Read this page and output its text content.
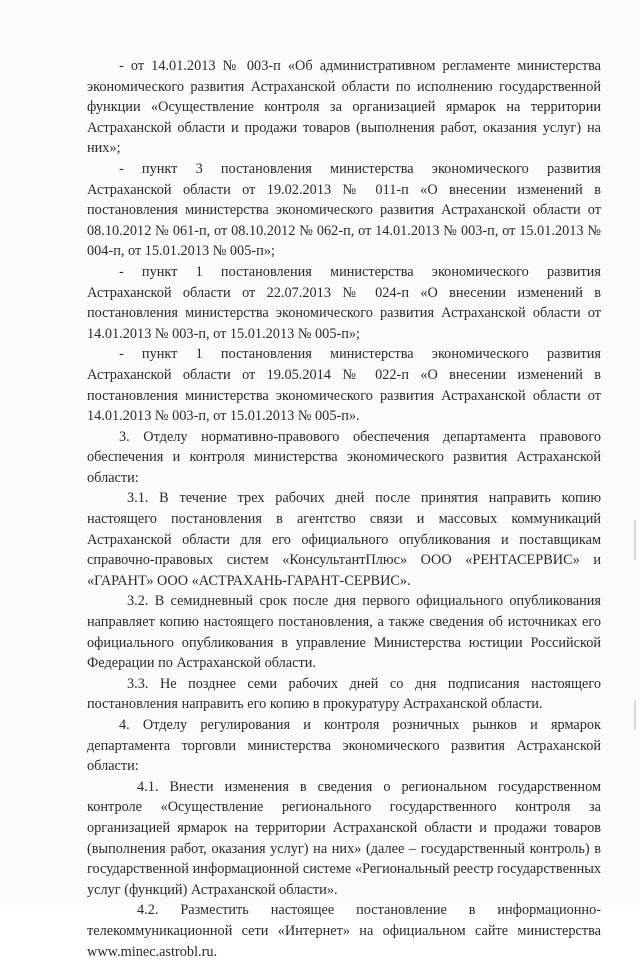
- от 14.01.2013 № 003-п «Об административном регламенте министерства экономического развития Астраханской области по исполнению государственной функции «Осуществление контроля за организацией ярмарок на территории Астраханской области и продажи товаров (выполнения работ, оказания услуг) на них»;

- пункт 3 постановления министерства экономического развития Астраханской области от 19.02.2013 № 011-п «О внесении изменений в постановления министерства экономического развития Астраханской области от 08.10.2012 № 061-п, от 08.10.2012 № 062-п, от 14.01.2013 № 003-п, от 15.01.2013 № 004-п, от 15.01.2013 № 005-п»;

- пункт 1 постановления министерства экономического развития Астраханской области от 22.07.2013 № 024-п «О внесении изменений в постановления министерства экономического развития Астраханской области от 14.01.2013 № 003-п, от 15.01.2013 № 005-п»;

- пункт 1 постановления министерства экономического развития Астраханской области от 19.05.2014 № 022-п «О внесении изменений в постановления министерства экономического развития Астраханской области от 14.01.2013 № 003-п, от 15.01.2013 № 005-п».

3. Отделу нормативно-правового обеспечения департамента правового обеспечения и контроля министерства экономического развития Астраханской области:

3.1. В течение трех рабочих дней после принятия направить копию настоящего постановления в агентство связи и массовых коммуникаций Астраханской области для его официального опубликования и поставщикам справочно-правовых систем «КонсультантПлюс» ООО «РЕНТАСЕРВИС» и «ГАРАНТ» ООО «АСТРАХАНЬ-ГАРАНТ-СЕРВИС».

3.2. В семидневный срок после дня первого официального опубликования направляет копию настоящего постановления, а также сведения об источниках его официального опубликования в управление Министерства юстиции Российской Федерации по Астраханской области.

3.3. Не позднее семи рабочих дней со дня подписания настоящего постановления направить его копию в прокуратуру Астраханской области.

4. Отделу регулирования и контроля розничных рынков и ярмарок департамента торговли министерства экономического развития Астраханской области:

4.1. Внести изменения в сведения о региональном государственном контроле «Осуществление регионального государственного контроля за организацией ярмарок на территории Астраханской области и продажи товаров (выполнения работ, оказания услуг) на них» (далее – государственный контроль) в государственной информационной системе «Региональный реестр государственных услуг (функций) Астраханской области».

4.2. Разместить настоящее постановление в информационно-телекоммуникационной сети «Интернет» на официальном сайте министерства www.minec.astrobl.ru.
